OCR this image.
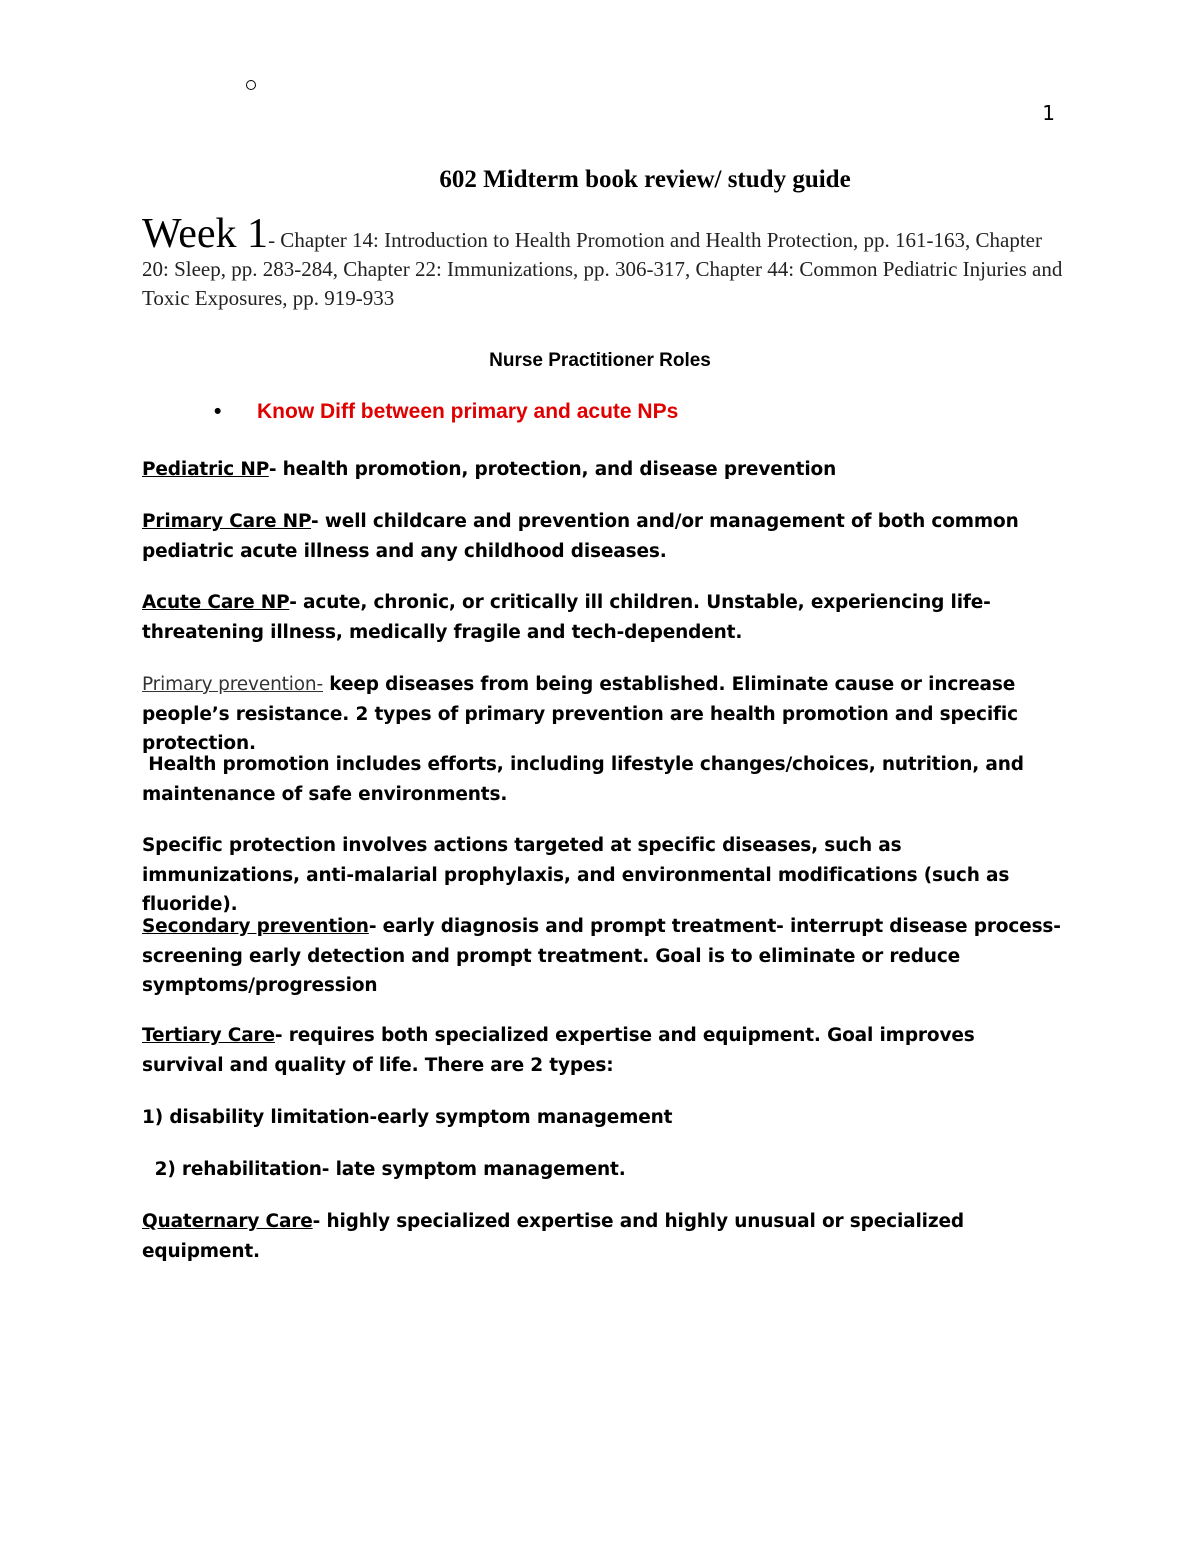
1
602 Midterm book review/ study guide
Week 1- Chapter 14: Introduction to Health Promotion and Health Protection, pp. 161-163, Chapter 20: Sleep, pp. 283-284, Chapter 22: Immunizations, pp. 306-317, Chapter 44: Common Pediatric Injuries and Toxic Exposures, pp. 919-933
Nurse Practitioner Roles
• Know Diff between primary and acute NPs
Pediatric NP- health promotion, protection, and disease prevention
Primary Care NP- well childcare and prevention and/or management of both common pediatric acute illness and any childhood diseases.
Acute Care NP- acute, chronic, or critically ill children. Unstable, experiencing life-threatening illness, medically fragile and tech-dependent.
Primary prevention- keep diseases from being established. Eliminate cause or increase people’s resistance. 2 types of primary prevention are health promotion and specific protection.
Health promotion includes efforts, including lifestyle changes/choices, nutrition, and maintenance of safe environments.
Specific protection involves actions targeted at specific diseases, such as immunizations, anti-malarial prophylaxis, and environmental modifications (such as fluoride).
Secondary prevention- early diagnosis and prompt treatment- interrupt disease process- screening early detection and prompt treatment. Goal is to eliminate or reduce symptoms/progression
Tertiary Care- requires both specialized expertise and equipment. Goal improves survival and quality of life. There are 2 types:
1) disability limitation-early symptom management
2) rehabilitation- late symptom management.
Quaternary Care- highly specialized expertise and highly unusual or specialized equipment.
